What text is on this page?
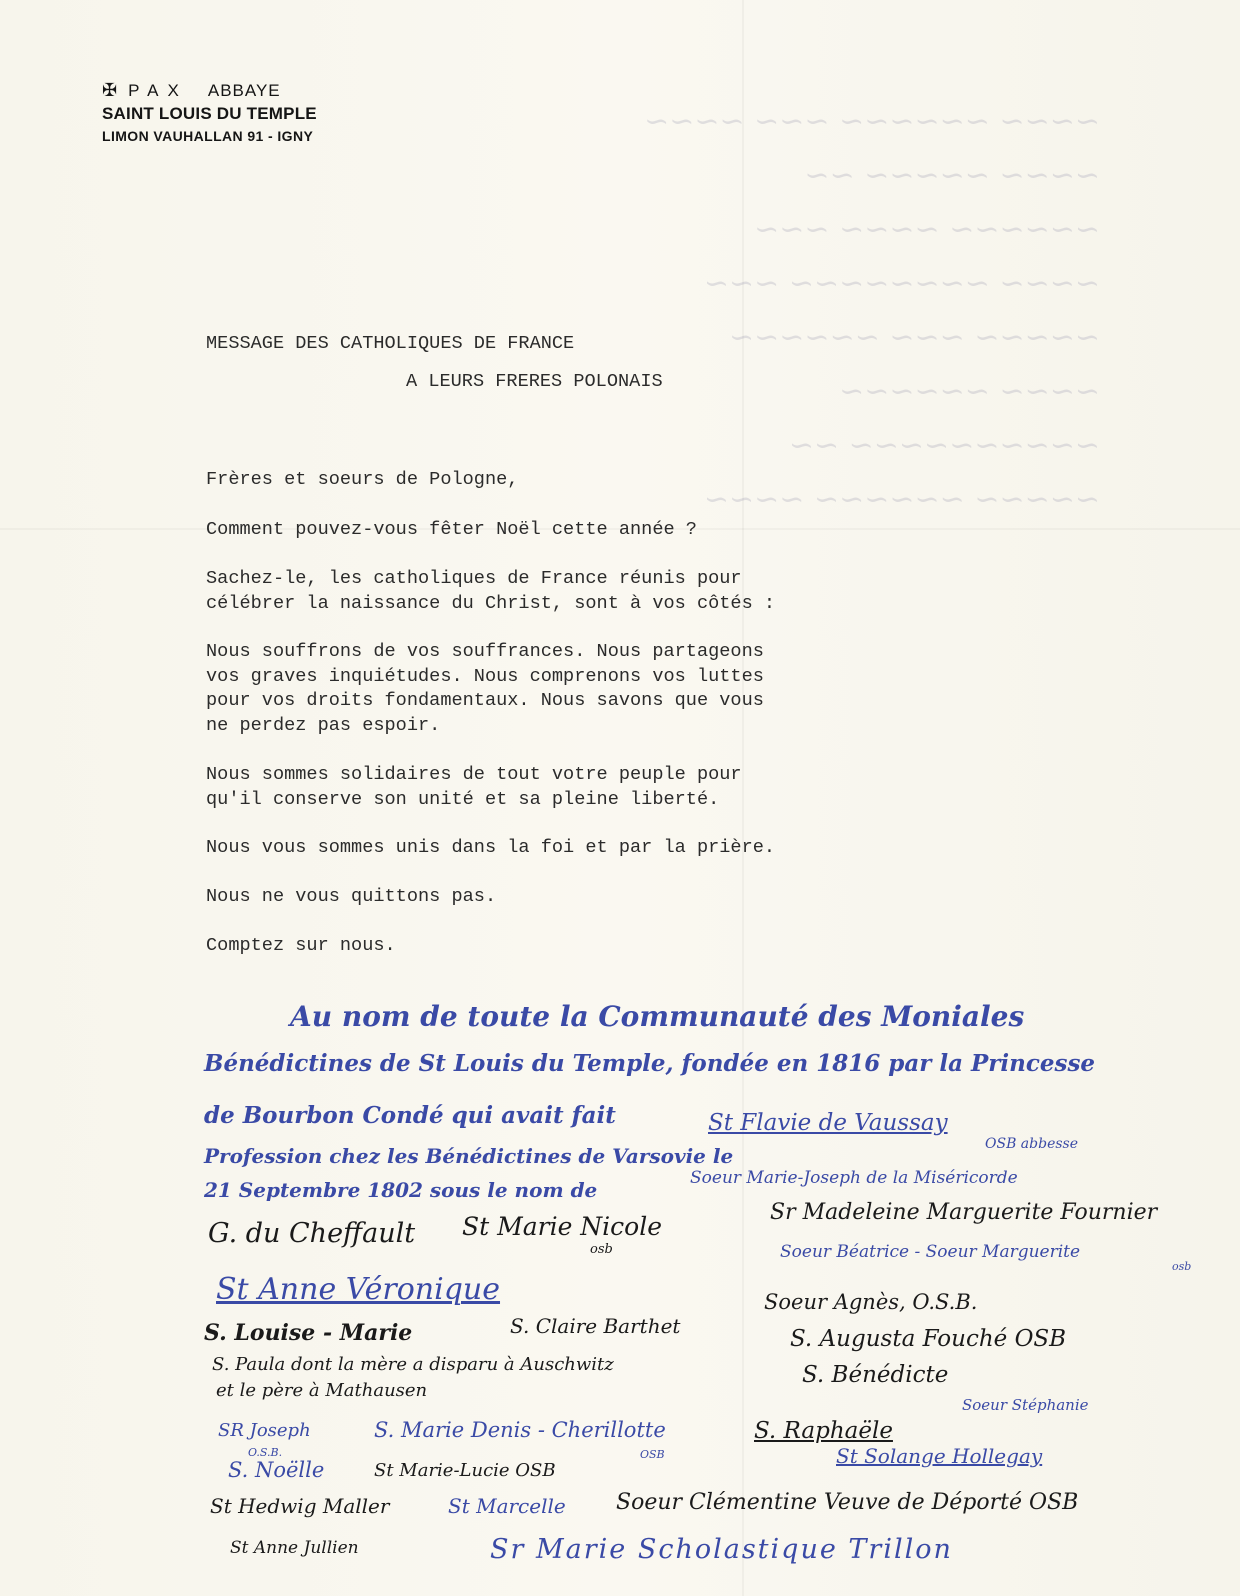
✠ PAX ABBAYE
SAINT LOUIS DU TEMPLE
LIMON VAUHALLAN 91 - IGNY
MESSAGE DES CATHOLIQUES DE FRANCE
A LEURS FRERES POLONAIS
Frères et soeurs de Pologne,
Comment pouvez-vous fêter Noël cette année ?
Sachez-le, les catholiques de France réunis pour
célébrer la naissance du Christ, sont à vos côtés :
Nous souffrons de vos souffrances. Nous partageons
vos graves inquiétudes. Nous comprenons vos luttes
pour vos droits fondamentaux. Nous savons que vous
ne perdez pas espoir.
Nous sommes solidaires de tout votre peuple pour
qu'il conserve son unité et sa pleine liberté.
Nous vous sommes unis dans la foi et par la prière.
Nous ne vous quittons pas.
Comptez sur nous.
Au nom de toute la Communauté des Moniales
Bénédictines de St Louis du Temple, fondée en 1816 par la Princesse
de Bourbon Condé qui avait fait	St Flavie de Vaussay
Profession chez les Bénédictines de Varsovie le	OSB abbesse
21 Septembre 1802 sous le nom de	Soeur Marie-Joseph de la Miséricorde
G. du Cheffault St Marie Nicole
osb
Sr Madeleine Marguerite Fournier
Soeur Béatrice - Soeur Marguerite
osb
St Anne Véronique	Soeur Agnès, O.S.B.
S. Louise - Marie	S. Claire Barthet	S. Augusta Fouché OSB
S. Paula dont la mère a disparu à Auschwitz
et le père à Mathausen
S. Bénédicte
SR Joseph
O.S.B.
S. Marie Denis - Cherillotte
OSB
S. Raphaële
Soeur Stéphanie
S. Noëlle	St Marie-Lucie OSB
St Solange Hollegay
St Hedwig Maller	St Marcelle Soeur Clémentine Veuve de Déporté OSB
St Anne Jullien	Sr Marie Scholastique Trillon
